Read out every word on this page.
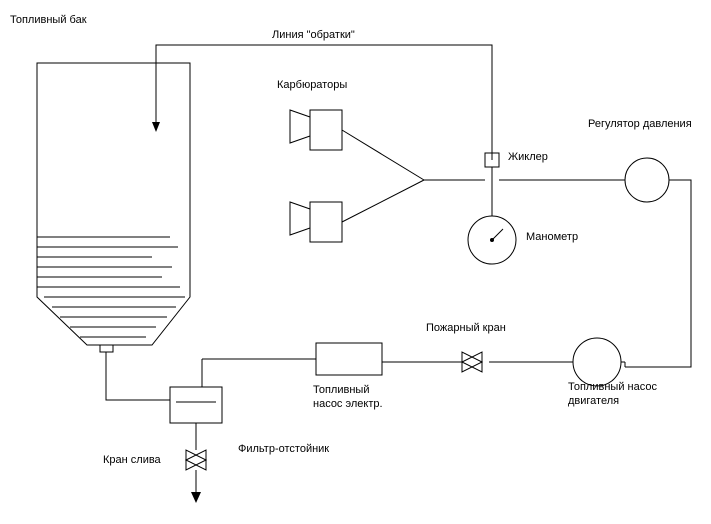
Топливный бак
Линия "обратки"
Карбюраторы
Регулятор давления
Жиклер
Манометр
Пожарный кран
Топливный
насос электр.
Топливный насос
двигателя
Фильтр-отстойник
Кран слива
